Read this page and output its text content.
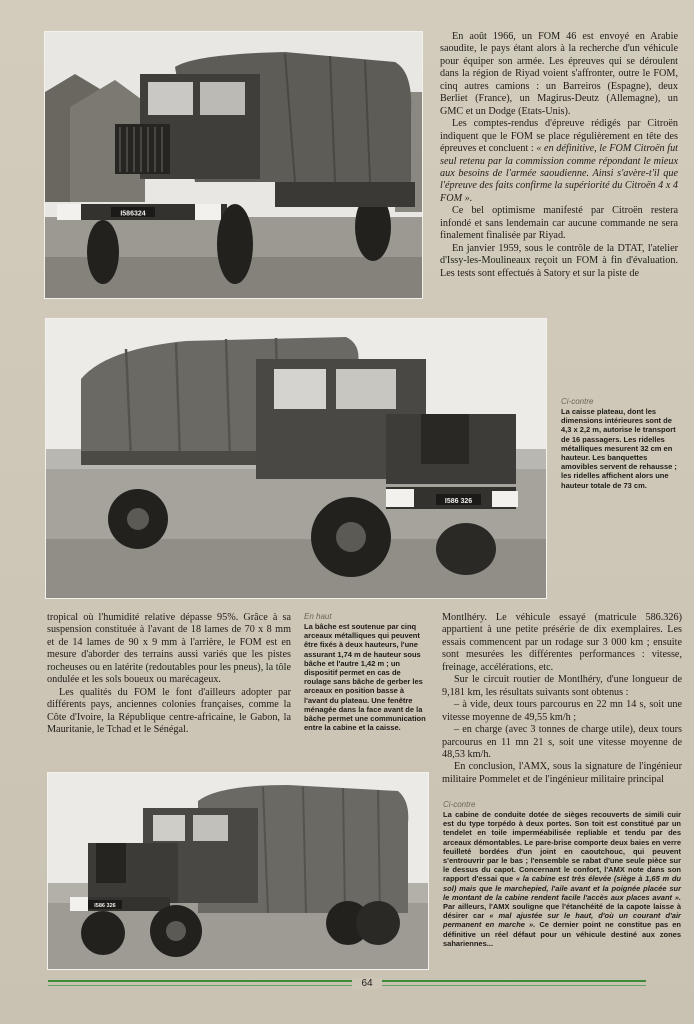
I586324

En août 1966, un FOM 46 est envoyé en Arabie saoudite, le pays étant alors à la recherche d'un véhicule pour équiper son armée. Les épreuves qui se déroulent dans la région de Riyad voient s'affronter, outre le FOM, cinq autres camions : un Barreiros (Espagne), deux Berliet (France), un Magirus-Deutz (Allemagne), un GMC et un Dodge (Etats-Unis).

Les comptes-rendus d'épreuve rédigés par Citroën indiquent que le FOM se place régulièrement en tête des épreuves et concluent : « en définitive, le FOM Citroën fut seul retenu par la commission comme répondant le mieux aux besoins de l'armée saoudienne. Ainsi s'avère-t'il que l'épreuve des faits confirme la supériorité du Citroën 4 x 4 FOM ».

Ce bel optimisme manifesté par Citroën restera infondé et sans lendemain car aucune commande ne sera finalement finalisée par Riyad.

En janvier 1959, sous le contrôle de la DTAT, l'atelier d'Issy-les-Moulineaux reçoit un FOM à fin d'évaluation. Les tests sont effectués à Satory et sur la piste de

I586 326
Ci-contre
La caisse plateau, dont les dimensions intérieures sont de 4,3 x 2,2 m, autorise le transport de 16 passagers. Les ridelles métalliques mesurent 32 cm en hauteur. Les banquettes amovibles servent de rehausse ; les ridelles affichent alors une hauteur totale de 73 cm.

tropical où l'humidité relative dépasse 95%. Grâce à sa suspension constituée à l'avant de 18 lames de 70 x 8 mm et de 14 lames de 90 x 9 mm à l'arrière, le FOM est en mesure d'aborder des terrains aussi variés que les pistes rocheuses ou en latérite (redoutables pour les pneus), la tôle ondulée et les sols boueux ou marécageux.

Les qualités du FOM le font d'ailleurs adopter par différents pays, anciennes colonies françaises, comme la Côte d'Ivoire, la République centre-africaine, le Gabon, la Mauritanie, le Tchad et le Sénégal.

En haut
La bâche est soutenue par cinq arceaux métalliques qui peuvent être fixés à deux hauteurs, l'une assurant 1,74 m de hauteur sous bâche et l'autre 1,42 m ; un dispositif permet en cas de roulage sans bâche de gerber les arceaux en position basse à l'avant du plateau. Une fenêtre ménagée dans la face avant de la bâche permet une communication entre la cabine et la caisse.

Montlhéry. Le véhicule essayé (matricule 586.326) appartient à une petite présérie de dix exemplaires. Les essais commencent par un rodage sur 3 000 km ; ensuite sont mesurées les différentes performances : vitesse, freinage, accélérations, etc.

Sur le circuit routier de Montlhéry, d'une longueur de 9,181 km, les résultats suivants sont obtenus :

– à vide, deux tours parcourus en 22 mn 14 s, soit une vitesse moyenne de 49,55 km/h ;

– en charge (avec 3 tonnes de charge utile), deux tours parcourus en 11 mn 21 s, soit une vitesse moyenne de 48,53 km/h.

En conclusion, l'AMX, sous la signature de l'ingénieur militaire Pommelet et de l'ingénieur militaire principal

I586 326
Ci-contre
La cabine de conduite dotée de sièges recouverts de simili cuir est du type torpédo à deux portes. Son toit est constitué par un tendelet en toile imperméabilisée repliable et tendu par des arceaux démontables. Le pare-brise comporte deux baies en verre feuilleté bordées d'un joint en caoutchouc, qui peuvent s'entrouvrir par le bas ; l'ensemble se rabat d'une seule pièce sur le dessus du capot. Concernant le confort, l'AMX note dans son rapport d'essai que « la cabine est très élevée (siège à 1,65 m du sol) mais que le marchepied, l'aile avant et la poignée placée sur le montant de la cabine rendent facile l'accès aux places avant ». Par ailleurs, l'AMX souligne que l'étanchéité de la capote laisse à désirer car « mal ajustée sur le haut, d'où un courant d'air permanent en marche ». Ce dernier point ne constitue pas en définitive un réel défaut pour un véhicule destiné aux zones sahariennes...
64
